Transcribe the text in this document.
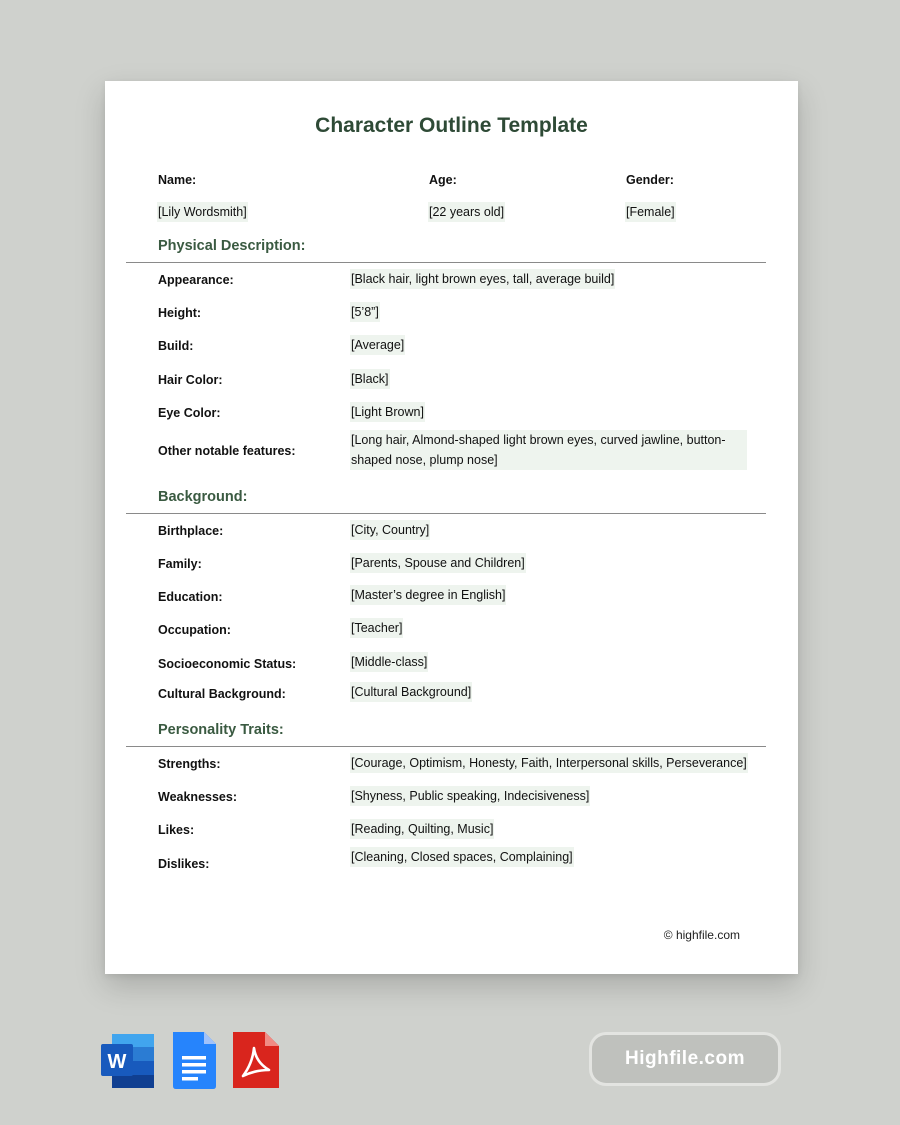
Character Outline Template
Name:	Age:	Gender:
[Lily Wordsmith]	[22 years old]	[Female]
Physical Description:
Appearance:	[Black hair, light brown eyes, tall, average build]
Height:	[5’8”]
Build:	[Average]
Hair Color:	[Black]
Eye Color:	[Light Brown]
Other notable features:
[Long hair, Almond-shaped light brown eyes, curved jawline, button-shaped nose, plump nose]
Background:
Birthplace:	[City, Country]
Family:	[Parents, Spouse and Children]
Education:	[Master’s degree in English]
Occupation:	[Teacher]
Socioeconomic Status:	[Middle-class]
Cultural Background:	[Cultural Background]
Personality Traits:
Strengths:	[Courage, Optimism, Honesty, Faith, Interpersonal skills, Perseverance]
Weaknesses:	[Shyness, Public speaking, Indecisiveness]
Likes:	[Reading, Quilting, Music]
Dislikes:	[Cleaning, Closed spaces, Complaining]
© highfile.com
W	Highfile.com
